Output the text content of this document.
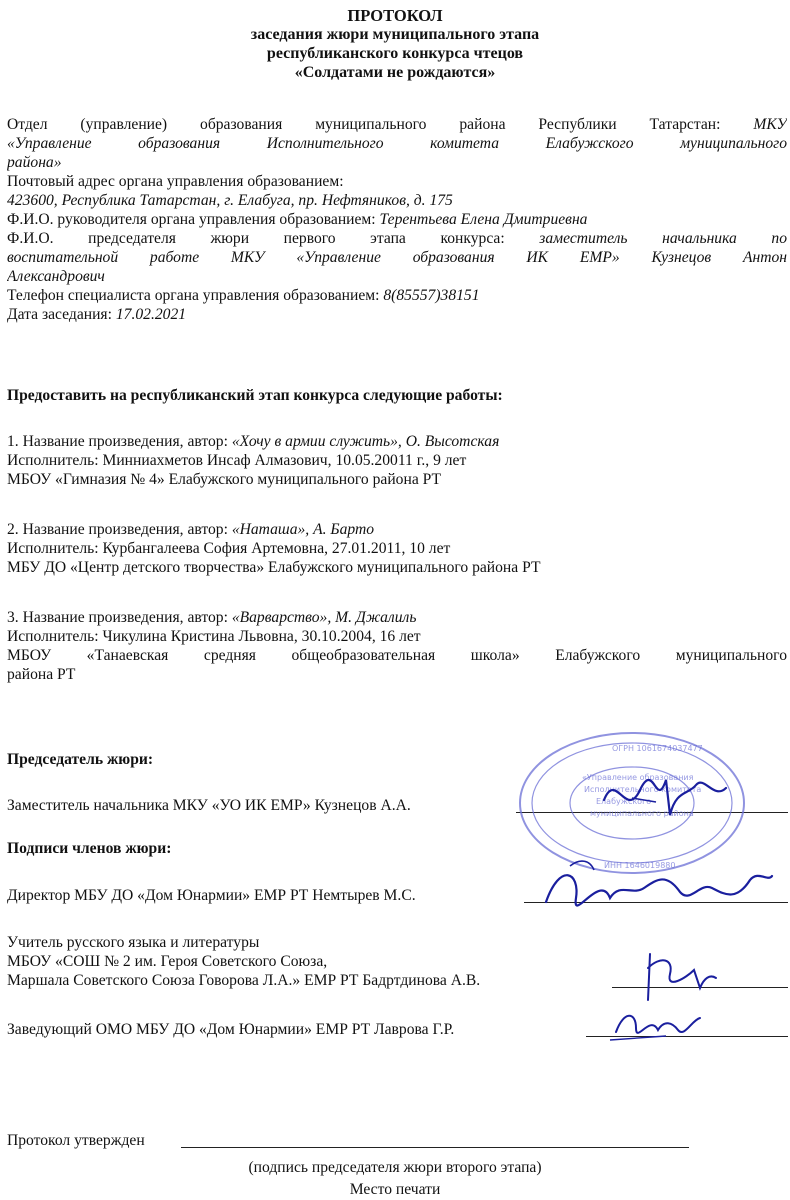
ПРОТОКОЛ
заседания жюри муниципального этапа
республиканского конкурса чтецов
«Солдатами не рождаются»
Отдел (управление) образования муниципального района Республики Татарстан: МКУ
«Управление образования Исполнительного комитета Елабужского муниципального
района»
Почтовый адрес органа управления образованием:
423600, Республика Татарстан, г. Елабуга, пр. Нефтяников, д. 175
Ф.И.О. руководителя органа управления образованием: Терентьева Елена Дмитриевна
Ф.И.О. председателя жюри первого этапа конкурса: заместитель начальника по
воспитательной работе МКУ «Управление образования ИК ЕМР» Кузнецов Антон
Александрович
Телефон специалиста органа управления образованием: 8(85557)38151
Дата заседания: 17.02.2021
Предоставить на республиканский этап конкурса следующие работы:
1. Название произведения, автор: «Хочу в армии служить», О. Высотская
Исполнитель: Минниахметов Инсаф Алмазович, 10.05.20011 г., 9 лет
МБОУ «Гимназия № 4» Елабужского муниципального района РТ
2. Название произведения, автор: «Наташа», А. Барто
Исполнитель: Курбангалеева София Артемовна, 27.01.2011, 10 лет
МБУ ДО «Центр детского творчества» Елабужского муниципального района РТ
3. Название произведения, автор: «Варварство», М. Джалиль
Исполнитель: Чикулина Кристина Львовна, 30.10.2004, 16 лет
МБОУ «Танаевская средняя общеобразовательная школа» Елабужского муниципального
района РТ
Председатель жюри:
Заместитель начальника МКУ «УО ИК ЕМР» Кузнецов А.А.
Подписи членов жюри:
Директор МБУ ДО «Дом Юнармии» ЕМР РТ Немтырев М.С.
Учитель русского языка и литературы
МБОУ «СОШ № 2 им. Героя Советского Союза,
Маршала Советского Союза Говорова Л.А.» ЕМР РТ Бадртдинова А.В.
Заведующий ОМО МБУ ДО «Дом Юнармии» ЕМР РТ Лаврова Г.Р.
Протокол утвержден
(подпись председателя жюри второго этапа)
Место печати
«Управление образования
Исполнительного комитета
Елабужского
муниципального района
ОГРН 1061674037477
ИНН 1646019880
